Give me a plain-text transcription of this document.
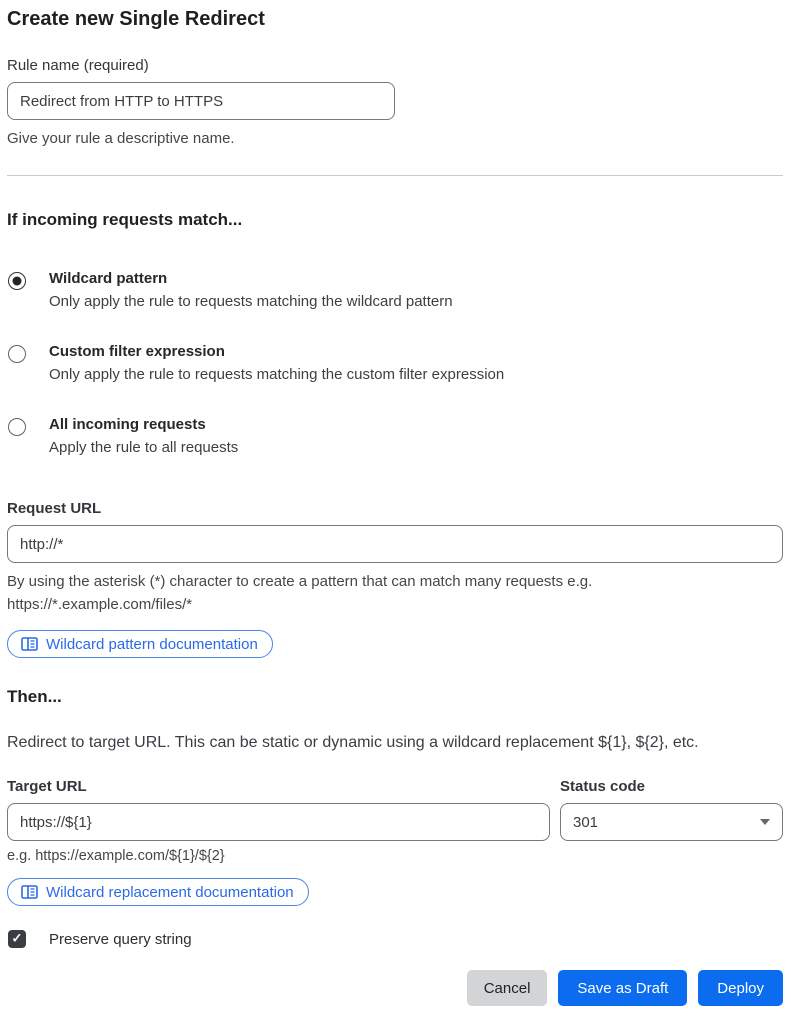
Create new Single Redirect
Rule name (required)
Redirect from HTTP to HTTPS
Give your rule a descriptive name.
If incoming requests match...
Wildcard pattern
Only apply the rule to requests matching the wildcard pattern
Custom filter expression
Only apply the rule to requests matching the custom filter expression
All incoming requests
Apply the rule to all requests
Request URL
http://*
By using the asterisk (*) character to create a pattern that can match many requests e.g.
https://*.example.com/files/*
Wildcard pattern documentation
Then...
Redirect to target URL. This can be static or dynamic using a wildcard replacement ${1}, ${2}, etc.
Target URL
https://${1}
e.g. https://example.com/${1}/${2}
Status code
301
Wildcard replacement documentation
✓
Preserve query string
Cancel	Save as Draft	Deploy
